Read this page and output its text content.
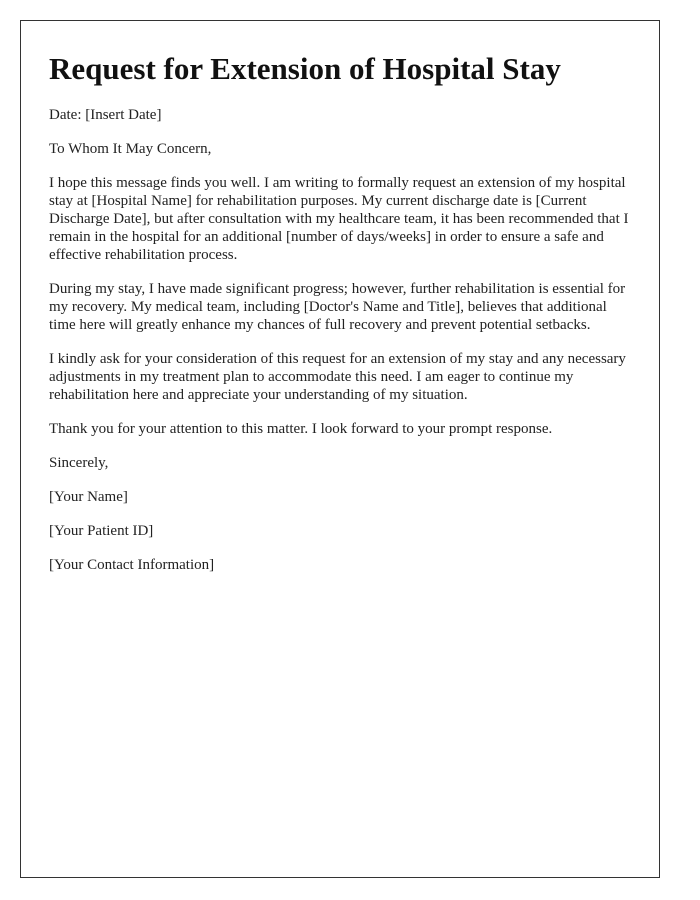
Request for Extension of Hospital Stay

Date: [Insert Date]

To Whom It May Concern,

I hope this message finds you well. I am writing to formally request an extension of my hospital stay at [Hospital Name] for rehabilitation purposes. My current discharge date is [Current Discharge Date], but after consultation with my healthcare team, it has been recommended that I remain in the hospital for an additional [number of days/weeks] in order to ensure a safe and effective rehabilitation process.

During my stay, I have made significant progress; however, further rehabilitation is essential for my recovery. My medical team, including [Doctor's Name and Title], believes that additional time here will greatly enhance my chances of full recovery and prevent potential setbacks.

I kindly ask for your consideration of this request for an extension of my stay and any necessary adjustments in my treatment plan to accommodate this need. I am eager to continue my rehabilitation here and appreciate your understanding of my situation.

Thank you for your attention to this matter. I look forward to your prompt response.

Sincerely,

[Your Name]

[Your Patient ID]

[Your Contact Information]
